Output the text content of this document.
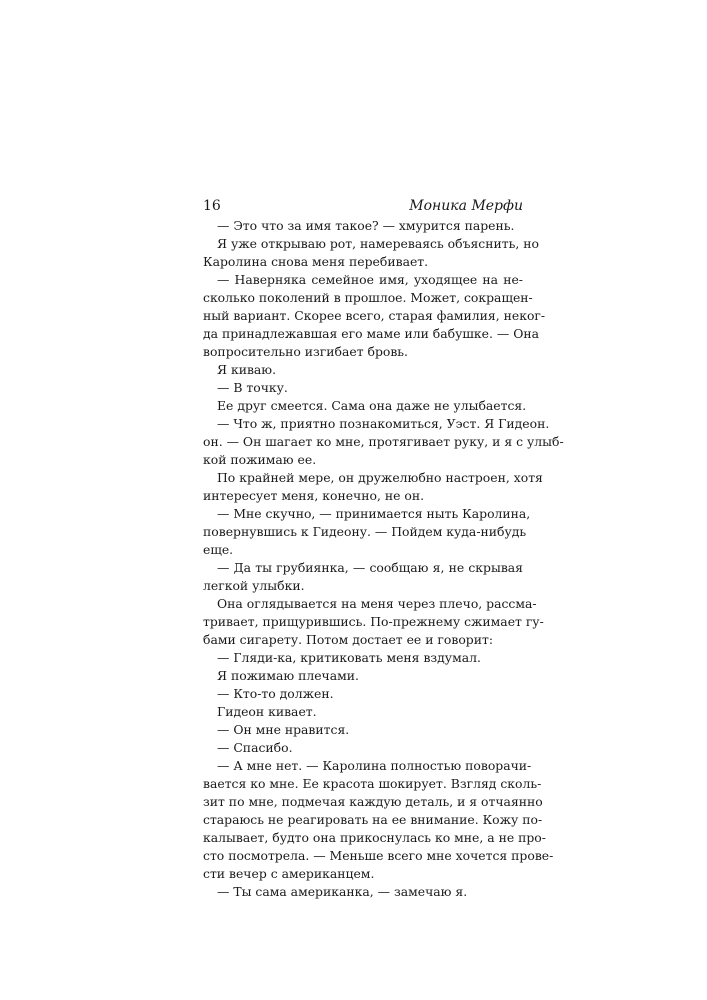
16	Моника Мерфи
— Это что за имя такое? — хмурится парень.
Я уже открываю рот, намереваясь объяснить, но
Каролина снова меня перебивает.
— Наверняка семейное имя, уходящее на не-
сколько поколений в прошлое. Может, сокращен-
ный вариант. Скорее всего, старая фамилия, неког-
да принадлежавшая его маме или бабушке. — Она
вопросительно изгибает бровь.
Я киваю.
— В точку.
Ее друг смеется. Сама она даже не улыбается.
— Что ж, приятно познакомиться, Уэст. Я Гидеон.
он. — Он шагает ко мне, протягивает руку, и я с улыб-
кой пожимаю ее.
По крайней мере, он дружелюбно настроен, хотя
интересует меня, конечно, не он.
— Мне скучно, — принимается ныть Каролина,
повернувшись к Гидеону. — Пойдем куда-нибудь
еще.
— Да ты грубиянка, — сообщаю я, не скрывая
легкой улыбки.
Она оглядывается на меня через плечо, рассма-
тривает, прищурившись. По-прежнему сжимает гу-
бами сигарету. Потом достает ее и говорит:
— Гляди-ка, критиковать меня вздумал.
Я пожимаю плечами.
— Кто-то должен.
Гидеон кивает.
— Он мне нравится.
— Спасибо.
— А мне нет. — Каролина полностью поворачи-
вается ко мне. Ее красота шокирует. Взгляд сколь-
зит по мне, подмечая каждую деталь, и я отчаянно
стараюсь не реагировать на ее внимание. Кожу по-
калывает, будто она прикоснулась ко мне, а не про-
сто посмотрела. — Меньше всего мне хочется прове-
сти вечер с американцем.
— Ты сама американка, — замечаю я.
